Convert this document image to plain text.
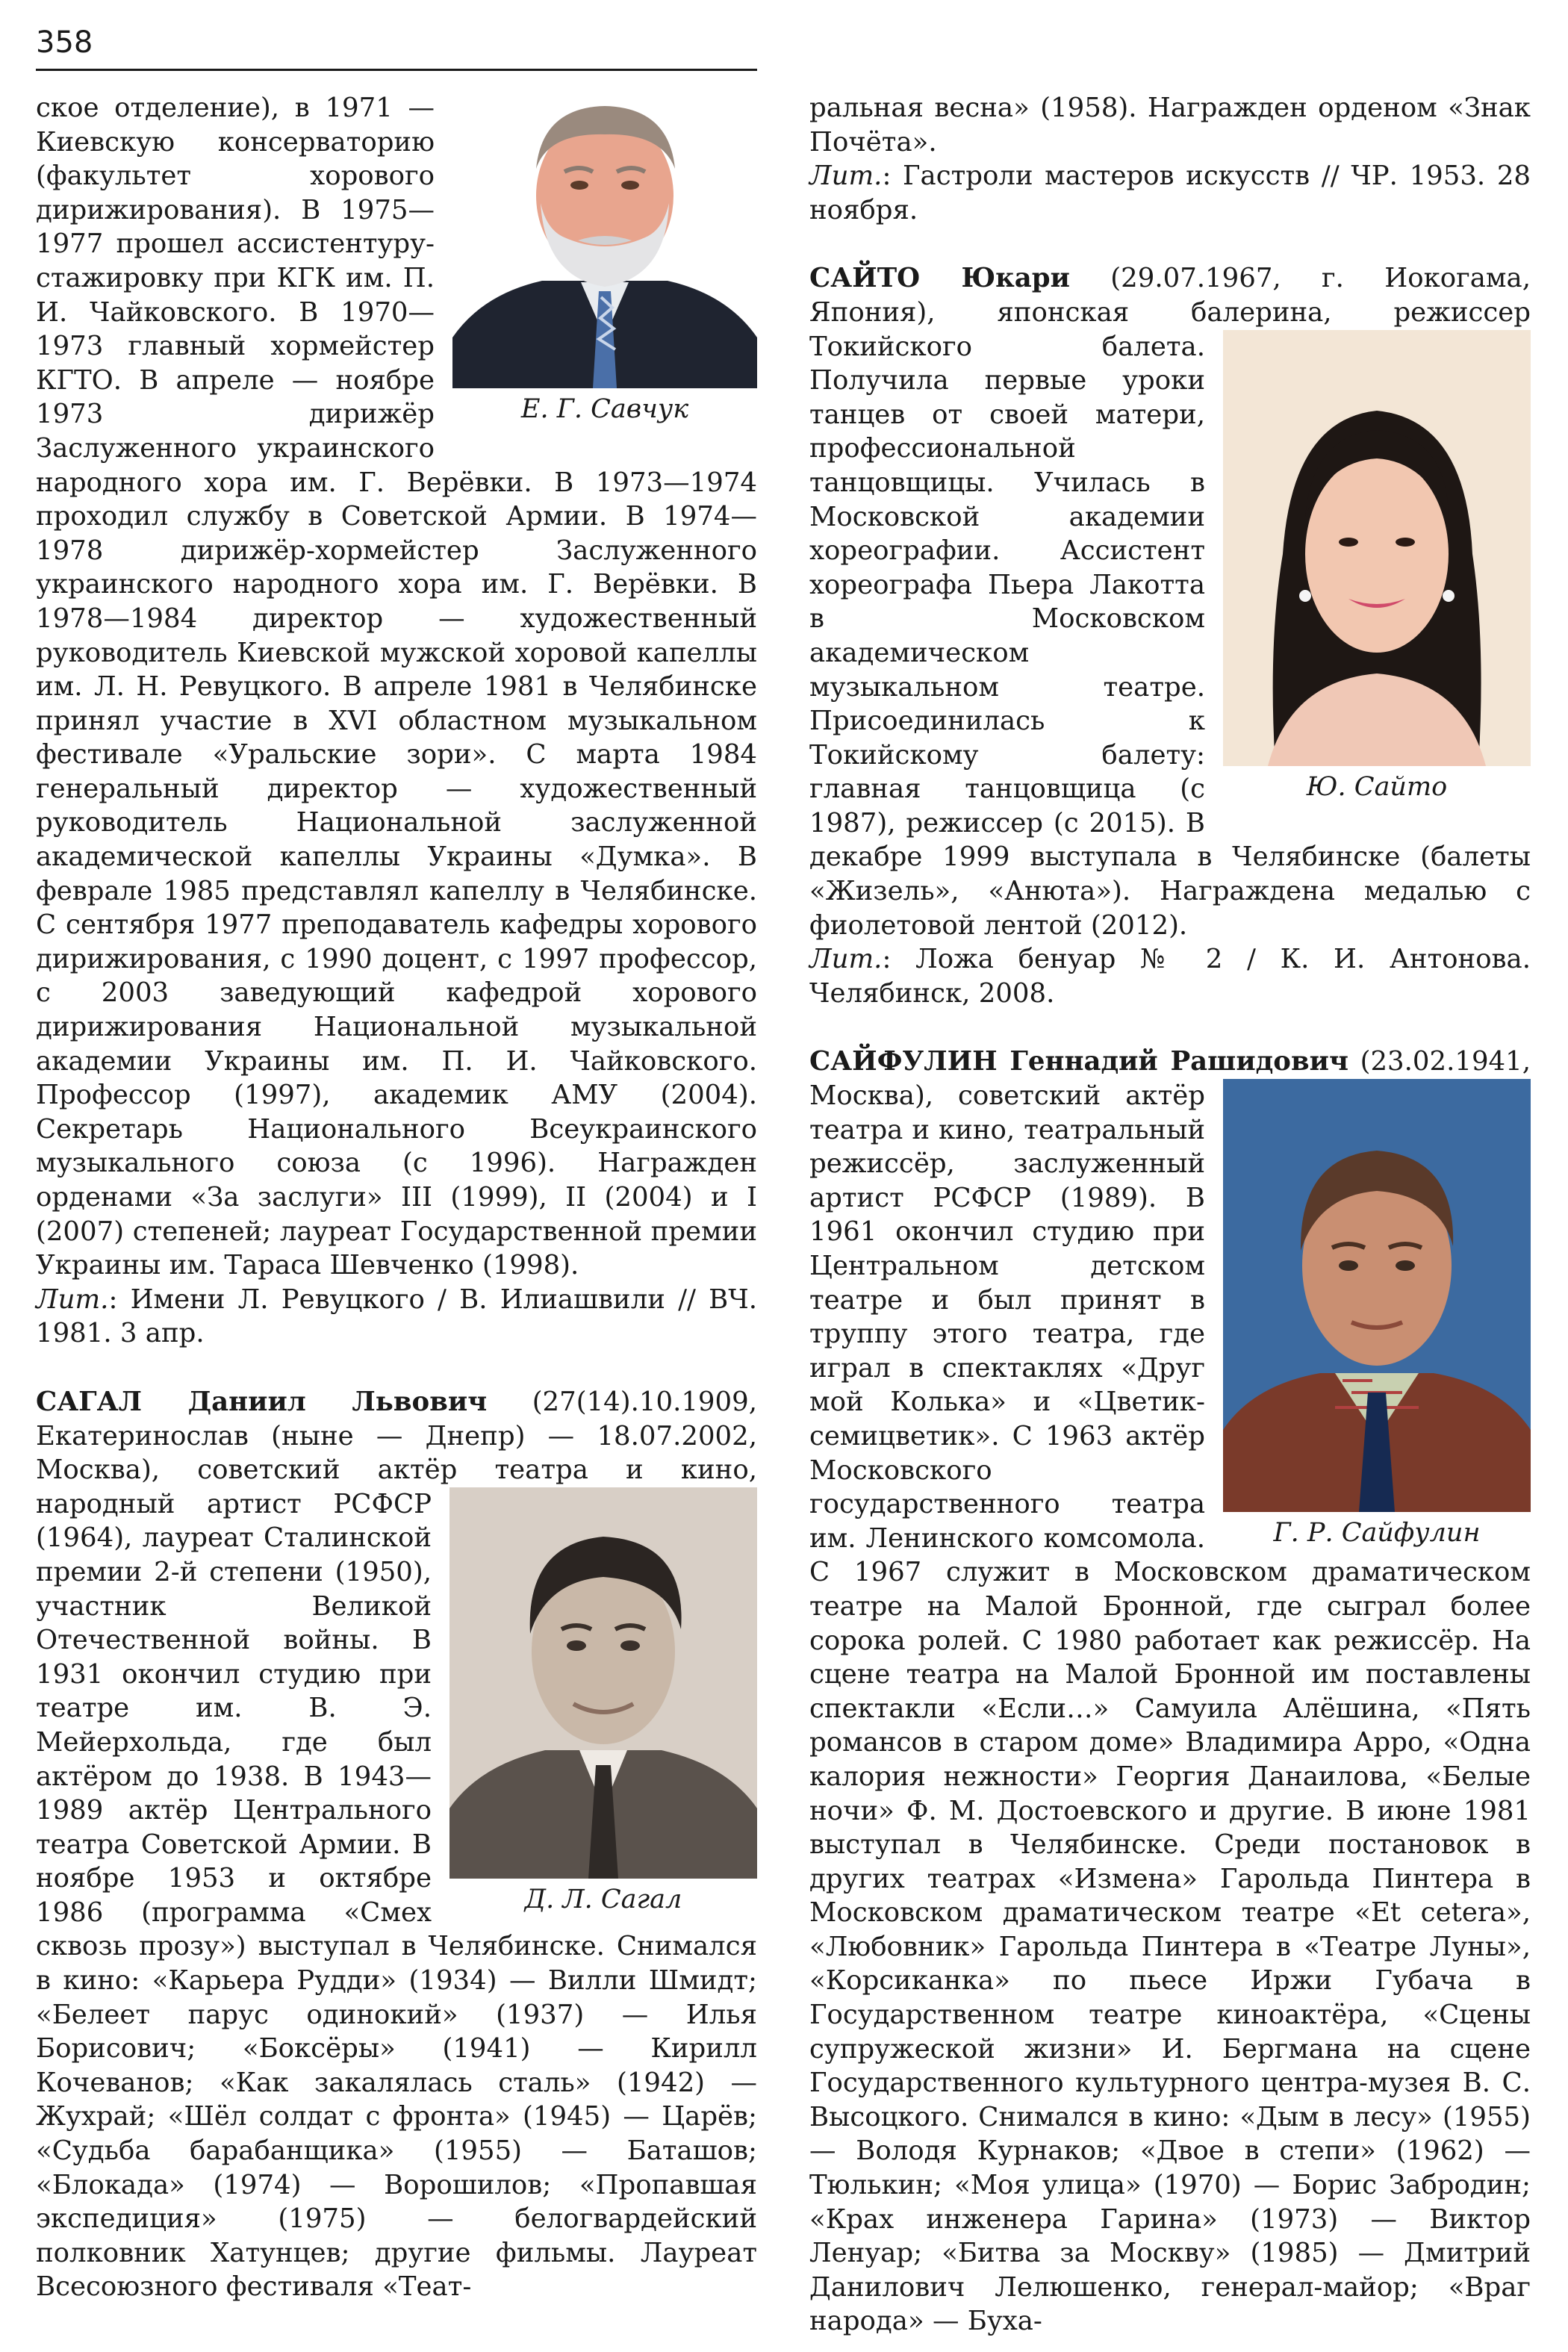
358
Е. Г. Савчук
ское отделение), в 1971 — Киевскую консерваторию (факультет хорового дирижирования). В 1975—1977 прошел ассистентуру-стажировку при КГК им. П. И. Чайковского. В 1970—1973 главный хормейстер КГТО. В апреле — ноябре 1973 дирижёр Заслуженного украинского народного хора им. Г. Верёвки. В 1973—1974 проходил службу в Советской Армии. В 1974—1978 дирижёр-хормейстер Заслуженного украинского народного хора им. Г. Верёвки. В 1978—1984 директор — художественный руководитель Киевской мужской хоровой капеллы им. Л. Н. Ревуцкого. В апреле 1981 в Челябинске принял участие в XVI областном музыкальном фестивале «Уральские зори». С марта 1984 генеральный директор — художественный руководитель Национальной заслуженной академической капеллы Украины «Думка». В феврале 1985 представлял капеллу в Челябинске. С сентября 1977 преподаватель кафедры хорового дирижирования, с 1990 доцент, с 1997 профессор, с 2003 заведующий кафедрой хорового дирижирования Национальной музыкальной академии Украины им. П. И. Чайковского. Профессор (1997), академик АМУ (2004). Секретарь Национального Всеукраинского музыкального союза (с 1996). Награжден орденами «За заслуги» III (1999), II (2004) и I (2007) степеней; лауреат Государственной премии Украины им. Тараса Шевченко (1998).
Лит.: Имени Л. Ревуцкого / В. Илиашвили // ВЧ. 1981. 3 апр.
САГАЛ Даниил Львович (27(14).10.1909, Екатеринослав (ныне — Днепр) — 18.07.2002, Москва), советский актёр театра и кино, народный артист
Д. Л. Сагал
РСФСР (1964), лауреат Сталинской премии 2-й степени (1950), участник Великой Отечественной войны. В 1931 окончил студию при театре им. В. Э. Мейерхольда, где был актёром до 1938. В 1943—1989 актёр Центрального театра Советской Армии. В ноябре 1953 и октябре 1986 (программа «Смех сквозь прозу») выступал в Челябинске. Снимался в кино: «Карьера Рудди» (1934) — Вилли Шмидт; «Белеет парус одинокий» (1937) — Илья Борисович; «Боксёры» (1941) — Кирилл Кочеванов; «Как закалялась сталь» (1942) — Жухрай; «Шёл солдат с фронта» (1945) — Царёв; «Судьба барабанщика» (1955) — Баташов; «Блокада» (1974) — Ворошилов; «Пропавшая экспедиция» (1975) — белогвардейский полковник Хатунцев; другие фильмы. Лауреат Всесоюзного фестиваля «Теат-
ральная весна» (1958). Награжден орденом «Знак Почёта».
Лит.: Гастроли мастеров искусств // ЧР. 1953. 28 ноября.
САЙТО Юкари (29.07.1967, г. Иокогама, Япония), японская балерина, режиссер
Ю. Сайто
Токийского балета. Получила первые уроки танцев от своей матери, профессиональной танцовщицы. Училась в Московской академии хореографии. Ассистент хореографа Пьера Лакотта в Московском академическом музыкальном театре. Присоединилась к Токийскому балету: главная танцовщица (с 1987), режиссер (с 2015). В декабре 1999 выступала в Челябинске (балеты «Жизель», «Анюта»). Награждена медалью с фиолетовой лентой (2012).
Лит.: Ложа бенуар № 2 / К. И. Антонова. Челябинск, 2008.
САЙФУЛИН Геннадий Рашидович (23.02.1941,
Г. Р. Сайфулин
Москва), советский актёр театра и кино, театральный режиссёр, заслуженный артист РСФСР (1989). В 1961 окончил студию при Центральном детском театре и был принят в труппу этого театра, где играл в спектаклях «Друг мой Колька» и «Цветик-семицветик». С 1963 актёр Московского государственного театра им. Ленинского комсомола. С 1967 служит в Московском драматическом театре на Малой Бронной, где сыграл более сорока ролей. С 1980 работает как режиссёр. На сцене театра на Малой Бронной им поставлены спектакли «Если…» Самуила Алёшина, «Пять романсов в старом доме» Владимира Арро, «Одна калория нежности» Георгия Данаилова, «Белые ночи» Ф. М. Достоевского и другие. В июне 1981 выступал в Челябинске. Среди постановок в других театрах «Измена» Гарольда Пинтера в Московском драматическом театре «Et cetera», «Любовник» Гарольда Пинтера в «Театре Луны», «Корсиканка» по пьесе Иржи Губача в Государственном театре киноактёра, «Сцены супружеской жизни» И. Бергмана на сцене Государственного культурного центра-музея В. С. Высоцкого. Снимался в кино: «Дым в лесу» (1955) — Володя Курнаков; «Двое в степи» (1962) — Тюлькин; «Моя улица» (1970) — Борис Забродин; «Крах инженера Гарина» (1973) — Виктор Ленуар; «Битва за Москву» (1985) — Дмитрий Данилович Лелюшенко, генерал-майор; «Враг народа» — Буха-
